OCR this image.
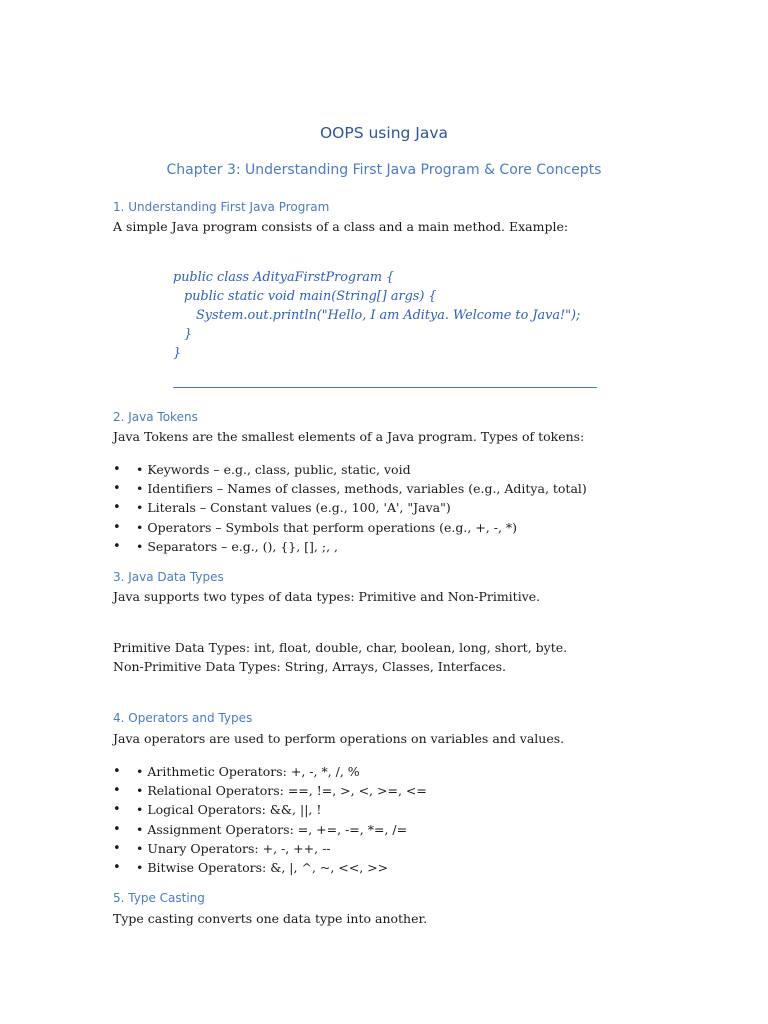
OOPS using Java
Chapter 3: Understanding First Java Program & Core Concepts
1. Understanding First Java Program
A simple Java program consists of a class and a main method. Example:
public class AdityaFirstProgram {
public static void main(String[] args) {
System.out.println("Hello, I am Aditya. Welcome to Java!");
}
}
2. Java Tokens
Java Tokens are the smallest elements of a Java program. Types of tokens:
• • Keywords – e.g., class, public, static, void
• • Identifiers – Names of classes, methods, variables (e.g., Aditya, total)
• • Literals – Constant values (e.g., 100, 'A', "Java")
• • Operators – Symbols that perform operations (e.g., +, -, *)
• • Separators – e.g., (), {}, [], ;, ,
3. Java Data Types
Java supports two types of data types: Primitive and Non-Primitive.
Primitive Data Types: int, float, double, char, boolean, long, short, byte.
Non-Primitive Data Types: String, Arrays, Classes, Interfaces.
4. Operators and Types
Java operators are used to perform operations on variables and values.
• • Arithmetic Operators: +, -, *, /, %
• • Relational Operators: ==, !=, >, <, >=, <=
• • Logical Operators: &&, ||, !
• • Assignment Operators: =, +=, -=, *=, /=
• • Unary Operators: +, -, ++, --
• • Bitwise Operators: &, |, ^, ~, <<, >>
5. Type Casting
Type casting converts one data type into another.
